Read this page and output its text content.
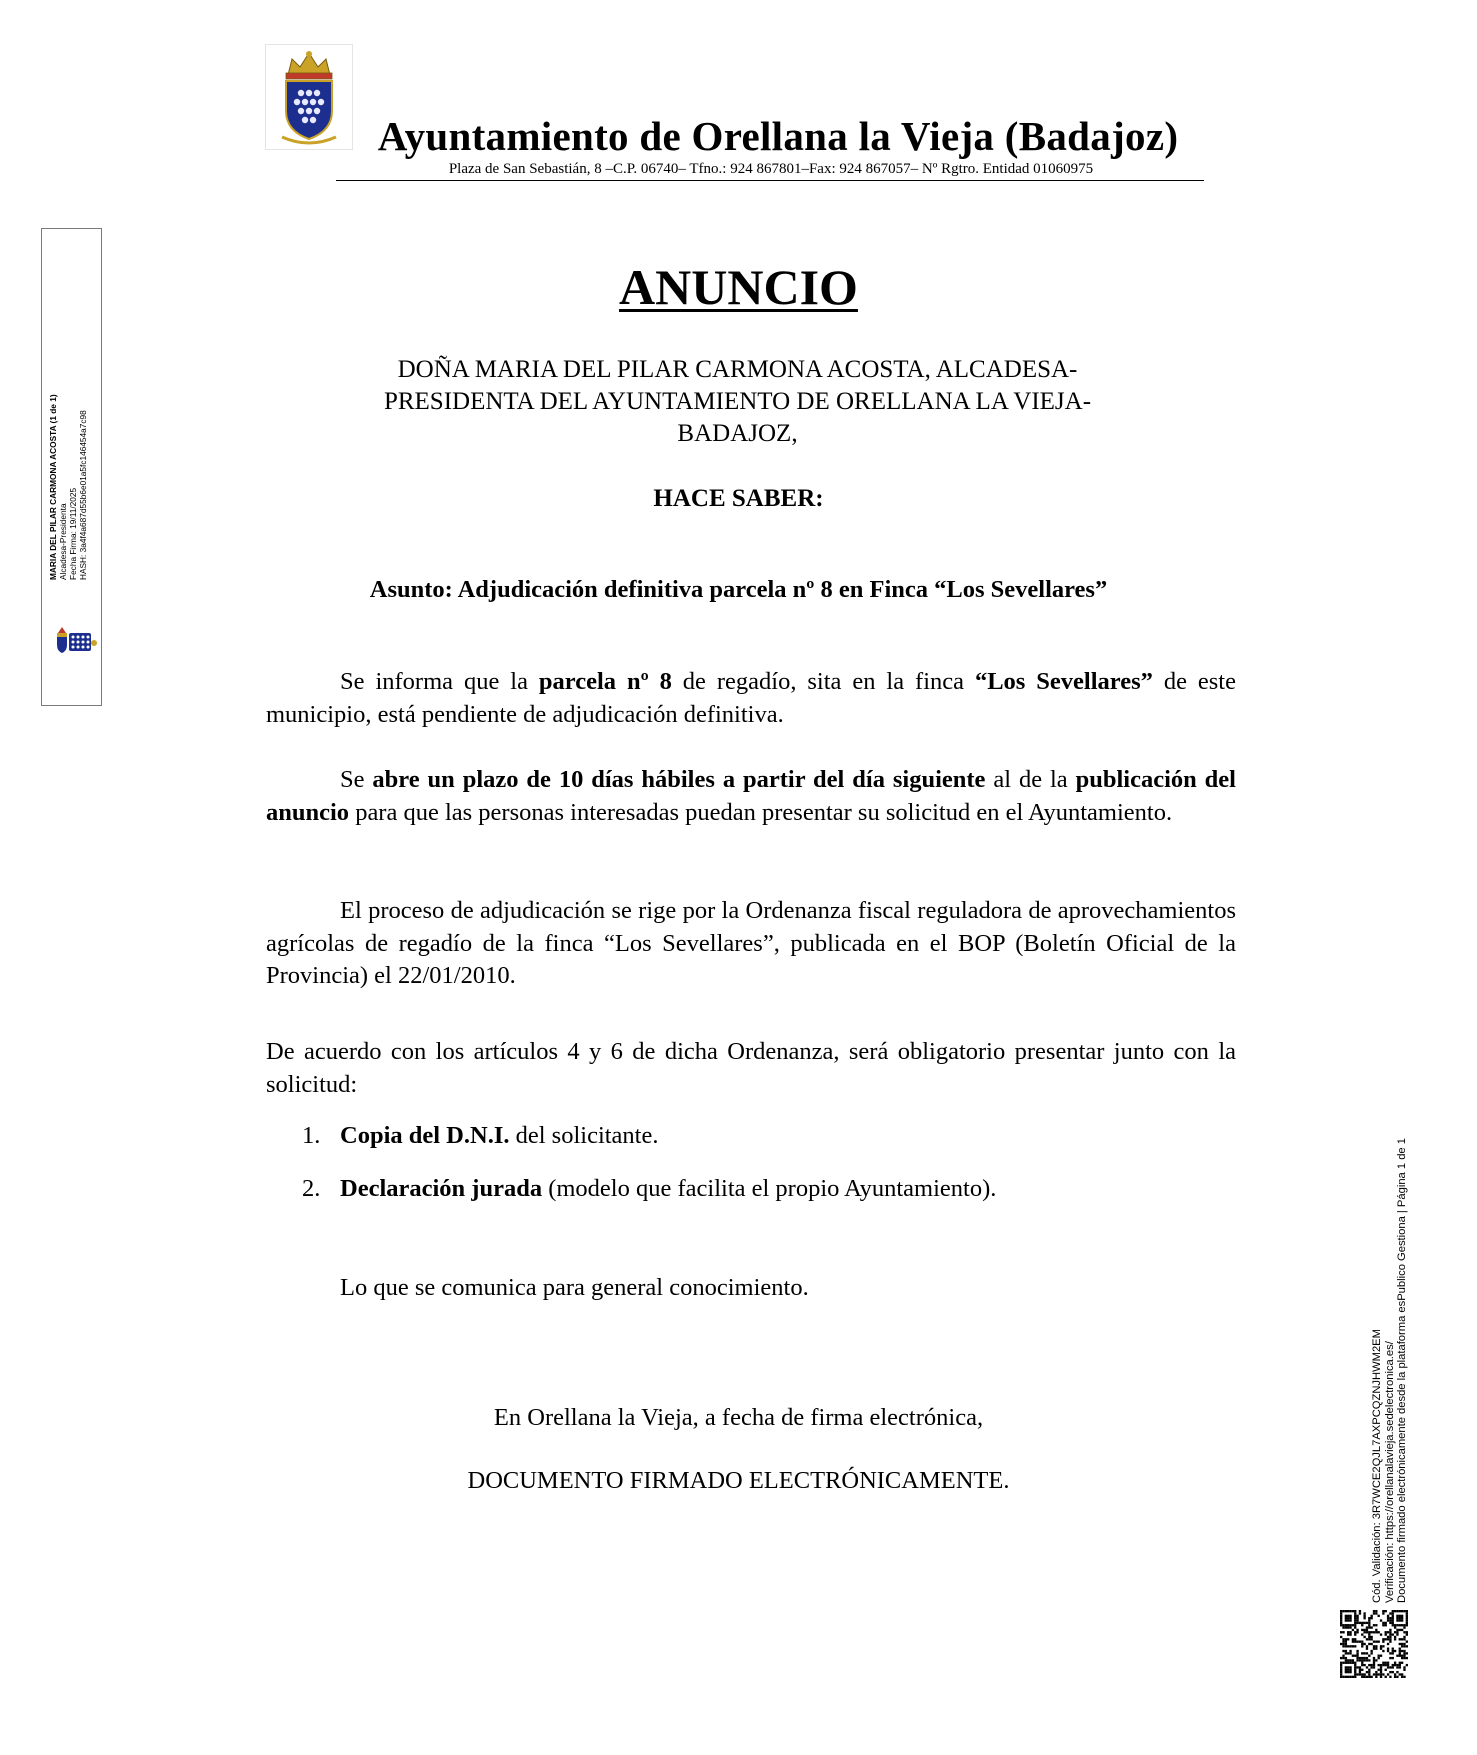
Ayuntamiento de Orellana la Vieja (Badajoz)
Plaza de San Sebastián, 8 –C.P. 06740– Tfno.: 924 867801–Fax: 924 867057– Nº Rgtro. Entidad 01060975
MARIA DEL PILAR CARMONA ACOSTA (1 de 1) Alcadesa-Presidenta Fecha Firma: 19/11/2025 HASH: 3a4f4a687d55b6e01a5fc146454a7c98
ANUNCIO
DOÑA MARIA DEL PILAR CARMONA ACOSTA, ALCADESA-
PRESIDENTA DEL AYUNTAMIENTO DE ORELLANA LA VIEJA-
BADAJOZ,
HACE SABER:
Asunto: Adjudicación definitiva parcela nº 8 en Finca “Los Sevellares”
Se informa que la parcela nº 8 de regadío, sita en la finca “Los Sevellares” de este municipio, está pendiente de adjudicación definitiva.
Se abre un plazo de 10 días hábiles a partir del día siguiente al de la publicación del anuncio para que las personas interesadas puedan presentar su solicitud en el Ayuntamiento.
El proceso de adjudicación se rige por la Ordenanza fiscal reguladora de aprovechamientos agrícolas de regadío de la finca “Los Sevellares”, publicada en el BOP (Boletín Oficial de la Provincia) el 22/01/2010.
De acuerdo con los artículos 4 y 6 de dicha Ordenanza, será obligatorio presentar junto con la solicitud:
1. Copia del D.N.I. del solicitante.
2. Declaración jurada (modelo que facilita el propio Ayuntamiento).
Lo que se comunica para general conocimiento.
En Orellana la Vieja, a fecha de firma electrónica,
DOCUMENTO FIRMADO ELECTRÓNICAMENTE.	Cód. Validación: 3R7WCE2QJL7AXPCQZNJHWM2EM Verificación: https://orellanalavieja.sedelectronica.es/ Documento firmado electrónicamente desde la plataforma esPublico Gestiona | Página 1 de 1
